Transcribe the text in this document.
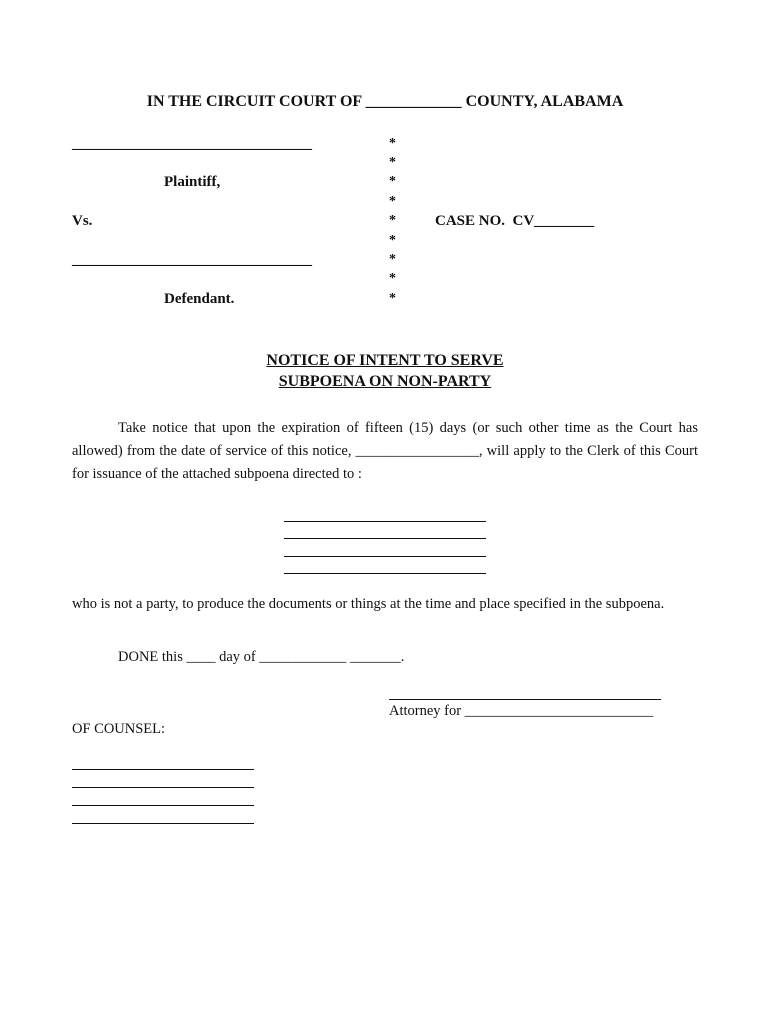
IN THE CIRCUIT COURT OF ____________ COUNTY, ALABAMA
________________________________
Plaintiff,
Vs.
________________________________
Defendant.
*
*
*
*
*
*
*
*
*
CASE NO.  CV________
NOTICE OF INTENT TO SERVE
SUBPOENA ON NON-PARTY
Take notice that upon the expiration of fifteen (15) days (or such other time as the Court has allowed) from the date of service of this notice, _________________, will apply to the Clerk of this Court for issuance of the attached subpoena directed to :
who is not a party, to produce the documents or things at the time and place specified in the subpoena.
DONE this ____ day of ____________ _______.
Attorney for __________________________
OF COUNSEL:
